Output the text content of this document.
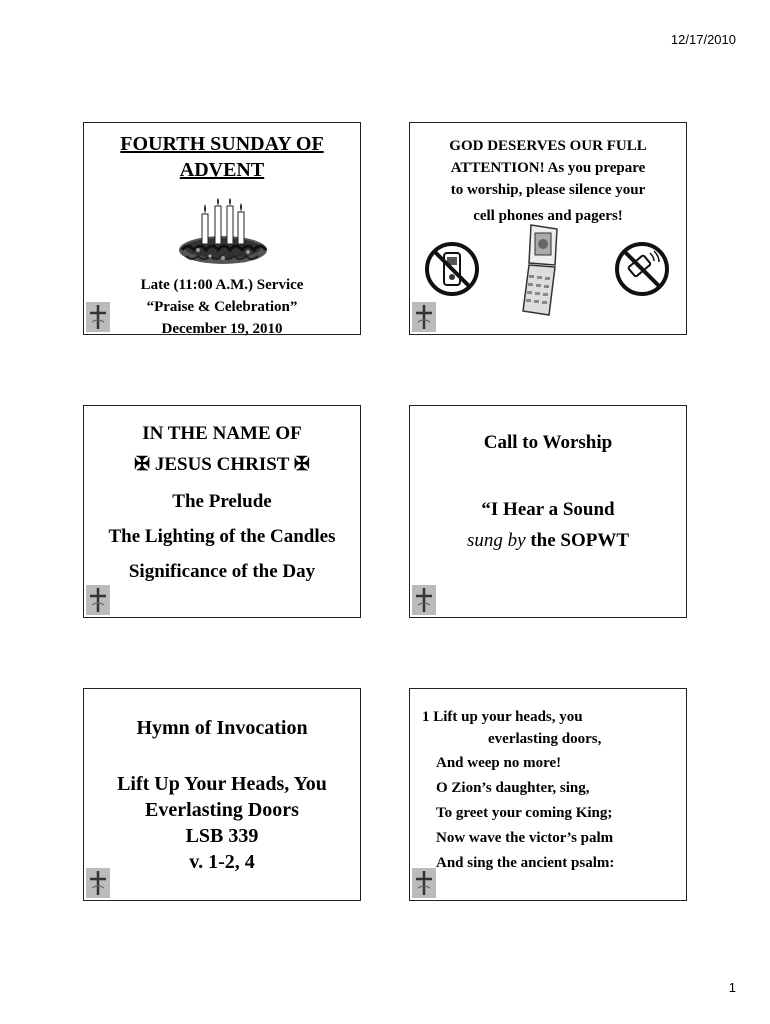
12/17/2010
FOURTH SUNDAY OF
ADVENT
Late (11:00 A.M.) Service
“Praise & Celebration”
December 19, 2010
GOD DESERVES OUR FULL
ATTENTION! As you prepare
to worship, please silence your
cell phones and pagers!
IN THE NAME OF
✠ JESUS CHRIST ✠
The Prelude
The Lighting of the Candles
Significance of the Day
Call to Worship
“I Hear a Sound
sung by the SOPWT
Hymn of Invocation
Lift Up Your Heads, You
Everlasting Doors
LSB 339
v. 1-2, 4
1 Lift up your heads, you
everlasting doors,
And weep no more!
O Zion’s daughter, sing,
To greet your coming King;
Now wave the victor’s palm
And sing the ancient psalm:
1
